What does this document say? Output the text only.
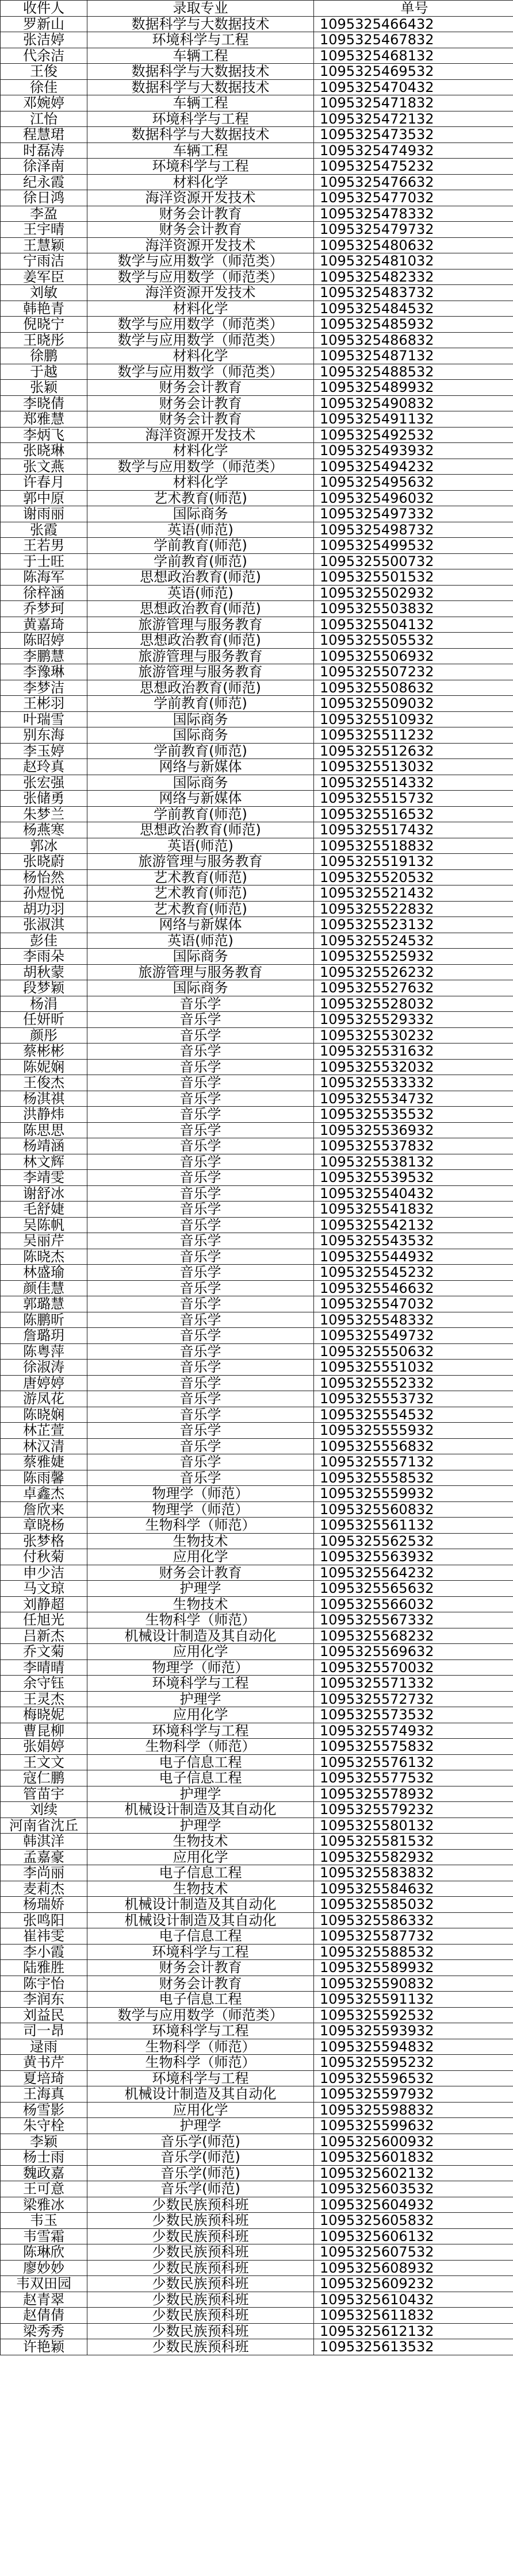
收件人	录取专业	单号
罗新山	数据科学与大数据技术	1095325466432
张洁婷	环境科学与工程	1095325467832
代余洁	车辆工程	1095325468132
王俊	数据科学与大数据技术	1095325469532
徐佳	数据科学与大数据技术	1095325470432
邓婉婷	车辆工程	1095325471832
江怡	环境科学与工程	1095325472132
程慧珺	数据科学与大数据技术	1095325473532
时磊涛	车辆工程	1095325474932
徐泽南	环境科学与工程	1095325475232
纪永霞	材料化学	1095325476632
徐日鸿	海洋资源开发技术	1095325477032
李盈	财务会计教育	1095325478332
王宇晴	财务会计教育	1095325479732
王慧颖	海洋资源开发技术	1095325480632
宁雨洁	数学与应用数学（师范类）	1095325481032
姜军臣	数学与应用数学（师范类）	1095325482332
刘敏	海洋资源开发技术	1095325483732
韩艳青	材料化学	1095325484532
倪晓宁	数学与应用数学（师范类）	1095325485932
王晓彤	数学与应用数学（师范类）	1095325486832
徐鹏	材料化学	1095325487132
于越	数学与应用数学（师范类）	1095325488532
张颖	财务会计教育	1095325489932
李晓倩	财务会计教育	1095325490832
郑雅慧	财务会计教育	1095325491132
李炳飞	海洋资源开发技术	1095325492532
张晓琳	材料化学	1095325493932
张文燕	数学与应用数学（师范类）	1095325494232
许春月	材料化学	1095325495632
郭中原	艺术教育(师范)	1095325496032
谢雨丽	国际商务	1095325497332
张霞	英语(师范)	1095325498732
王若男	学前教育(师范)	1095325499532
于士旺	学前教育(师范)	1095325500732
陈海军	思想政治教育(师范)	1095325501532
徐梓涵	英语(师范)	1095325502932
乔梦珂	思想政治教育(师范)	1095325503832
黄嘉琦	旅游管理与服务教育	1095325504132
陈昭婷	思想政治教育(师范)	1095325505532
李鹏慧	旅游管理与服务教育	1095325506932
李豫琳	旅游管理与服务教育	1095325507232
李梦洁	思想政治教育(师范)	1095325508632
王彬羽	学前教育(师范)	1095325509032
叶瑞雪	国际商务	1095325510932
别东海	国际商务	1095325511232
李玉婷	学前教育(师范)	1095325512632
赵玲真	网络与新媒体	1095325513032
张宏强	国际商务	1095325514332
张储勇	网络与新媒体	1095325515732
朱梦兰	学前教育(师范)	1095325516532
杨燕寒	思想政治教育(师范)	1095325517432
郭冰	英语(师范)	1095325518832
张晓蔚	旅游管理与服务教育	1095325519132
杨怡然	艺术教育(师范)	1095325520532
孙煜悦	艺术教育(师范)	1095325521432
胡功羽	艺术教育(师范)	1095325522832
张淑淇	网络与新媒体	1095325523132
彭佳	英语(师范)	1095325524532
李雨朵	国际商务	1095325525932
胡秋蒙	旅游管理与服务教育	1095325526232
段梦颖	国际商务	1095325527632
杨涓	音乐学	1095325528032
任妍昕	音乐学	1095325529332
颜彤	音乐学	1095325530232
蔡彬彬	音乐学	1095325531632
陈妮娴	音乐学	1095325532032
王俊杰	音乐学	1095325533332
杨淇祺	音乐学	1095325534732
洪静炜	音乐学	1095325535532
陈思思	音乐学	1095325536932
杨靖涵	音乐学	1095325537832
林文辉	音乐学	1095325538132
李靖雯	音乐学	1095325539532
谢舒冰	音乐学	1095325540432
毛舒婕	音乐学	1095325541832
吴陈帆	音乐学	1095325542132
吴丽芹	音乐学	1095325543532
陈晓杰	音乐学	1095325544932
林盛瑜	音乐学	1095325545232
颜佳慧	音乐学	1095325546632
郭璐慧	音乐学	1095325547032
陈鹏昕	音乐学	1095325548332
詹璐玥	音乐学	1095325549732
陈粤萍	音乐学	1095325550632
徐淑涛	音乐学	1095325551032
唐婷婷	音乐学	1095325552332
游凤花	音乐学	1095325553732
陈晓娴	音乐学	1095325554532
林芷萱	音乐学	1095325555932
林汉清	音乐学	1095325556832
蔡雅婕	音乐学	1095325557132
陈雨馨	音乐学	1095325558532
卓鑫杰	物理学（师范）	1095325559932
詹欣来	物理学（师范）	1095325560832
章晓杨	生物科学（师范）	1095325561132
张梦格	生物技术	1095325562532
付秋菊	应用化学	1095325563932
申少洁	财务会计教育	1095325564232
马文琼	护理学	1095325565632
刘静超	生物技术	1095325566032
任旭光	生物科学（师范）	1095325567332
吕新杰	机械设计制造及其自动化	1095325568232
乔文菊	应用化学	1095325569632
李晴晴	物理学（师范）	1095325570032
余守钰	环境科学与工程	1095325571332
王灵杰	护理学	1095325572732
梅晓妮	应用化学	1095325573532
曹昆柳	环境科学与工程	1095325574932
张娟婷	生物科学（师范）	1095325575832
王文文	电子信息工程	1095325576132
寇仁鹏	电子信息工程	1095325577532
管苗宇	护理学	1095325578932
刘续	机械设计制造及其自动化	1095325579232
河南省沈丘	护理学	1095325580132
韩淇洋	生物技术	1095325581532
孟嘉豪	应用化学	1095325582932
李尚丽	电子信息工程	1095325583832
麦莉杰	生物技术	1095325584632
杨瑞娇	机械设计制造及其自动化	1095325585032
张鸣阳	机械设计制造及其自动化	1095325586332
崔祎雯	电子信息工程	1095325587732
李小霞	环境科学与工程	1095325588532
陆雅胜	财务会计教育	1095325589932
陈宇怡	财务会计教育	1095325590832
李润东	电子信息工程	1095325591132
刘益民	数学与应用数学（师范类）	1095325592532
司一昂	环境科学与工程	1095325593932
逯雨	生物科学（师范）	1095325594832
黄书芹	生物科学（师范）	1095325595232
夏培琦	环境科学与工程	1095325596532
王海真	机械设计制造及其自动化	1095325597932
杨雪影	应用化学	1095325598832
朱守栓	护理学	1095325599632
李颖	音乐学(师范)	1095325600932
杨士雨	音乐学(师范)	1095325601832
魏政嘉	音乐学(师范)	1095325602132
王可意	音乐学(师范)	1095325603532
梁雅冰	少数民族预科班	1095325604932
韦玉	少数民族预科班	1095325605832
韦雪霜	少数民族预科班	1095325606132
陈琳欣	少数民族预科班	1095325607532
廖妙妙	少数民族预科班	1095325608932
韦双田园	少数民族预科班	1095325609232
赵青翠	少数民族预科班	1095325610432
赵倩倩	少数民族预科班	1095325611832
梁秀秀	少数民族预科班	1095325612132
许艳颖	少数民族预科班	1095325613532
